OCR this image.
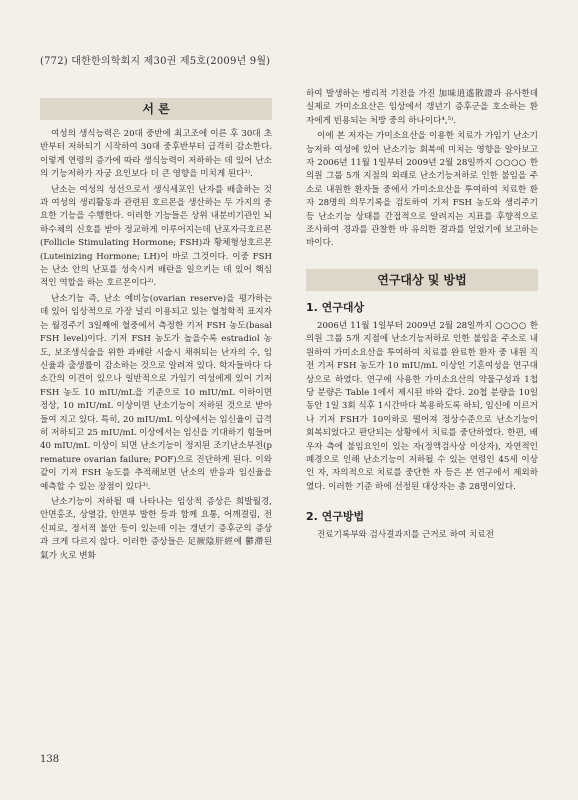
(772) 대한한의학회지 제30권 제5호(2009년 9월)
서 론

여성의 생식능력은 20대 중반에 최고조에 이른 후 30대 초반부터 저하되기 시작하여 30대 중후반부터 급격히 감소한다. 이렇게 연령의 증가에 따라 생식능력이 저하하는 데 있어 난소의 기능저하가 자궁 요인보다 더 큰 영향을 미치게 된다¹⁾.

난소는 여성의 성선으로서 생식세포인 난자를 배출하는 것과 여성의 생리활동과 관련된 호르몬을 생산하는 두 가지의 중요한 기능을 수행한다. 이러한 기능들은 상위 내분비기관인 뇌하수체의 신호를 받아 정교하게 이루어지는데 난포자극호르몬(Follicle Stimulating Hormone; FSH)과 황체형성호르몬(Luteinizing Hormone; LH)이 바로 그것이다. 이중 FSH는 난소 안의 난포를 성숙시켜 배란을 일으키는 데 있어 핵심적인 역할을 하는 호르몬이다²⁾.

난소기능 즉, 난소 예비능(ovarian reserve)을 평가하는 데 있어 임상적으로 가장 널리 이용되고 있는 혈청학적 표지자는 월경주기 3일째에 혈중에서 측정한 기저 FSH 농도(basal FSH level)이다. 기저 FSH 농도가 높을수록 estradiol 농도, 보조생식술을 위한 과배란 시술시 채취되는 난자의 수, 임신율과 출생률이 감소하는 것으로 알려져 있다. 학자들마다 다소간의 이견이 있으나 일반적으로 가임기 여성에게 있어 기저 FSH 농도 10 mIU/mL을 기준으로 10 mIU/mL 이하이면 정상, 10 mIU/mL 이상이면 난소기능이 저하된 것으로 받아 들여 지고 있다. 특히, 20 mIU/mL 이상에서는 임신율이 급격히 저하되고 25 mIU/mL 이상에서는 임신을 기대하기 힘들며 40 mIU/mL 이상이 되면 난소기능이 정지된 조기난소부전(premature ovarian failure; POF)으로 진단하게 된다. 이와 같이 기저 FSH 농도를 추적해보면 난소의 반응과 임신율을 예측할 수 있는 장점이 있다³⁾.

난소기능이 저하될 때 나타나는 임상적 증상은 희발월경, 안면홍조, 상열감, 안면부 발한 등과 함께 요통, 어깨결림, 전신피로, 정서적 불안 등이 있는데 이는 갱년기 증후군의 증상과 크게 다르지 않다. 이러한 증상들은 足厥陰肝經에 鬱滯된 氣가 火로 변화

하여 발생하는 병리적 기전을 가진 加味逍遙散證과 유사한데 실제로 가미소요산은 임상에서 갱년기 증후군을 호소하는 환자에게 빈용되는 처방 중의 하나이다⁴,⁵⁾.

이에 본 저자는 가미소요산을 이용한 치료가 가임기 난소기능저하 여성에 있어 난소기능 회복에 미치는 영향을 알아보고자 2006년 11월 1일부터 2009년 2월 28일까지 ○○○○ 한의원 그룹 5개 지점의 외래로 난소기능저하로 인한 불임을 주소로 내원한 환자들 중에서 가미소요산을 투여하여 치료한 환자 28명의 의무기록을 검토하여 기저 FSH 농도와 생리주기 등 난소기능 상태를 간접적으로 알려지는 지표를 후향적으로 조사하여 경과를 관찰한 바 유의한 결과를 얻었기에 보고하는 바이다.

연구대상 및 방법
1. 연구대상

2006년 11월 1일부터 2009년 2월 28일까지 ○○○○ 한의원 그룹 5개 지점에 난소기능저하로 인한 불임을 주소로 내원하여 가미소요산을 투여하여 치료를 완료한 환자 중 내원 직전 기저 FSH 농도가 10 mIU/mL 이상인 기혼여성을 연구대상으로 하였다. 연구에 사용한 가미소요산의 약물구성과 1첩당 분량은 Table 1에서 제시된 바와 같다. 20첩 분량을 10일 동안 1일 3회 식후 1시간마다 복용하도록 하되, 임신에 이르거나 기저 FSH가 10이하로 떨어져 정상수준으로 난소기능이 회복되었다고 판단되는 상황에서 치료를 중단하였다. 한편, 배우자 측에 불임요인이 있는 자(정액검사상 이상자), 자연적인 폐경으로 인해 난소기능이 저하될 수 있는 연령인 45세 이상인 자, 자의적으로 치료를 중단한 자 등은 본 연구에서 제외하였다. 이러한 기준 하에 선정된 대상자는 총 28명이었다.

2. 연구방법

진료기록부와 검사결과지를 근거로 하여 치료전

138
